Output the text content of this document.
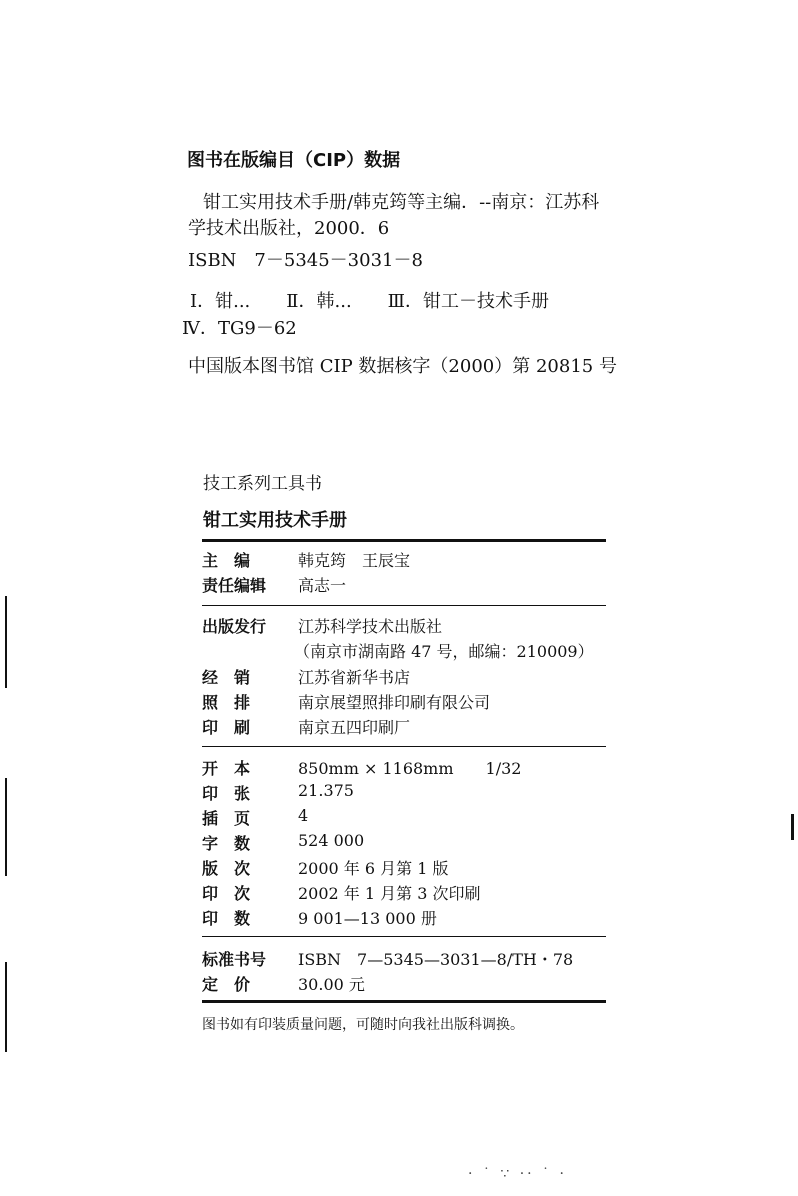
图书在版编目（CIP）数据
钳工实用技术手册/韩克筠等主编．--南京：江苏科
学技术出版社，2000．6
ISBN　7－5345－3031－8
Ⅰ．钳...　　Ⅱ．韩...　　Ⅲ．钳工－技术手册
Ⅳ．TG9－62
中国版本图书馆 CIP 数据核字（2000）第 20815 号
技工系列工具书
钳工实用技术手册
主　编	韩克筠　王辰宝
责任编辑	高志一
出版发行	江苏科学技术出版社
（南京市湖南路 47 号，邮编：210009）
经　销	江苏省新华书店
照　排	南京展望照排印刷有限公司
印　刷	南京五四印刷厂
开　本	850mm × 1168mm　　1/32
印　张	21.375
插　页	4
字　数	524 000
版　次	2000 年 6 月第 1 版
印　次	2002 年 1 月第 3 次印刷
印　数	9 001—13 000 册
标准书号	ISBN　7—5345—3031—8/TH・78
定　价	30.00 元
图书如有印装质量问题，可随时向我社出版科调换。
· ˙ ∵ ·· ˙ ·
